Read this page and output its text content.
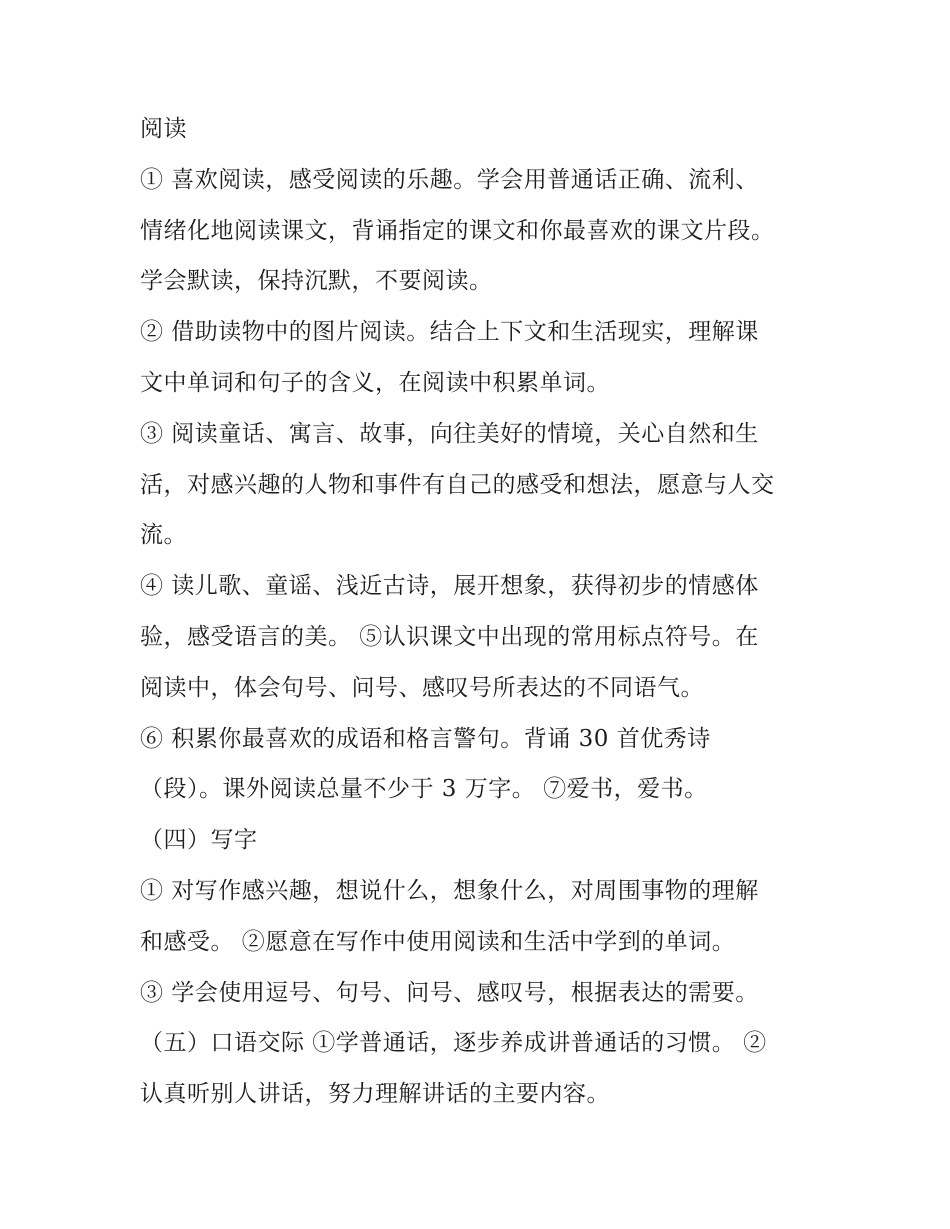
阅读
① 喜欢阅读，感受阅读的乐趣。学会用普通话正确、流利、
情绪化地阅读课文，背诵指定的课文和你最喜欢的课文片段。
学会默读，保持沉默，不要阅读。
② 借助读物中的图片阅读。结合上下文和生活现实，理解课
文中单词和句子的含义，在阅读中积累单词。
③ 阅读童话、寓言、故事，向往美好的情境，关心自然和生
活，对感兴趣的人物和事件有自己的感受和想法，愿意与人交
流。
④ 读儿歌、童谣、浅近古诗，展开想象，获得初步的情感体
验，感受语言的美。 ⑤认识课文中出现的常用标点符号。在
阅读中，体会句号、问号、感叹号所表达的不同语气。
⑥ 积累你最喜欢的成语和格言警句。背诵 30 首优秀诗
（段）。课外阅读总量不少于 3 万字。 ⑦爱书，爱书。
（四）写字
① 对写作感兴趣，想说什么，想象什么，对周围事物的理解
和感受。 ②愿意在写作中使用阅读和生活中学到的单词。
③ 学会使用逗号、句号、问号、感叹号，根据表达的需要。
（五）口语交际 ①学普通话，逐步养成讲普通话的习惯。 ②
认真听别人讲话，努力理解讲话的主要内容。
